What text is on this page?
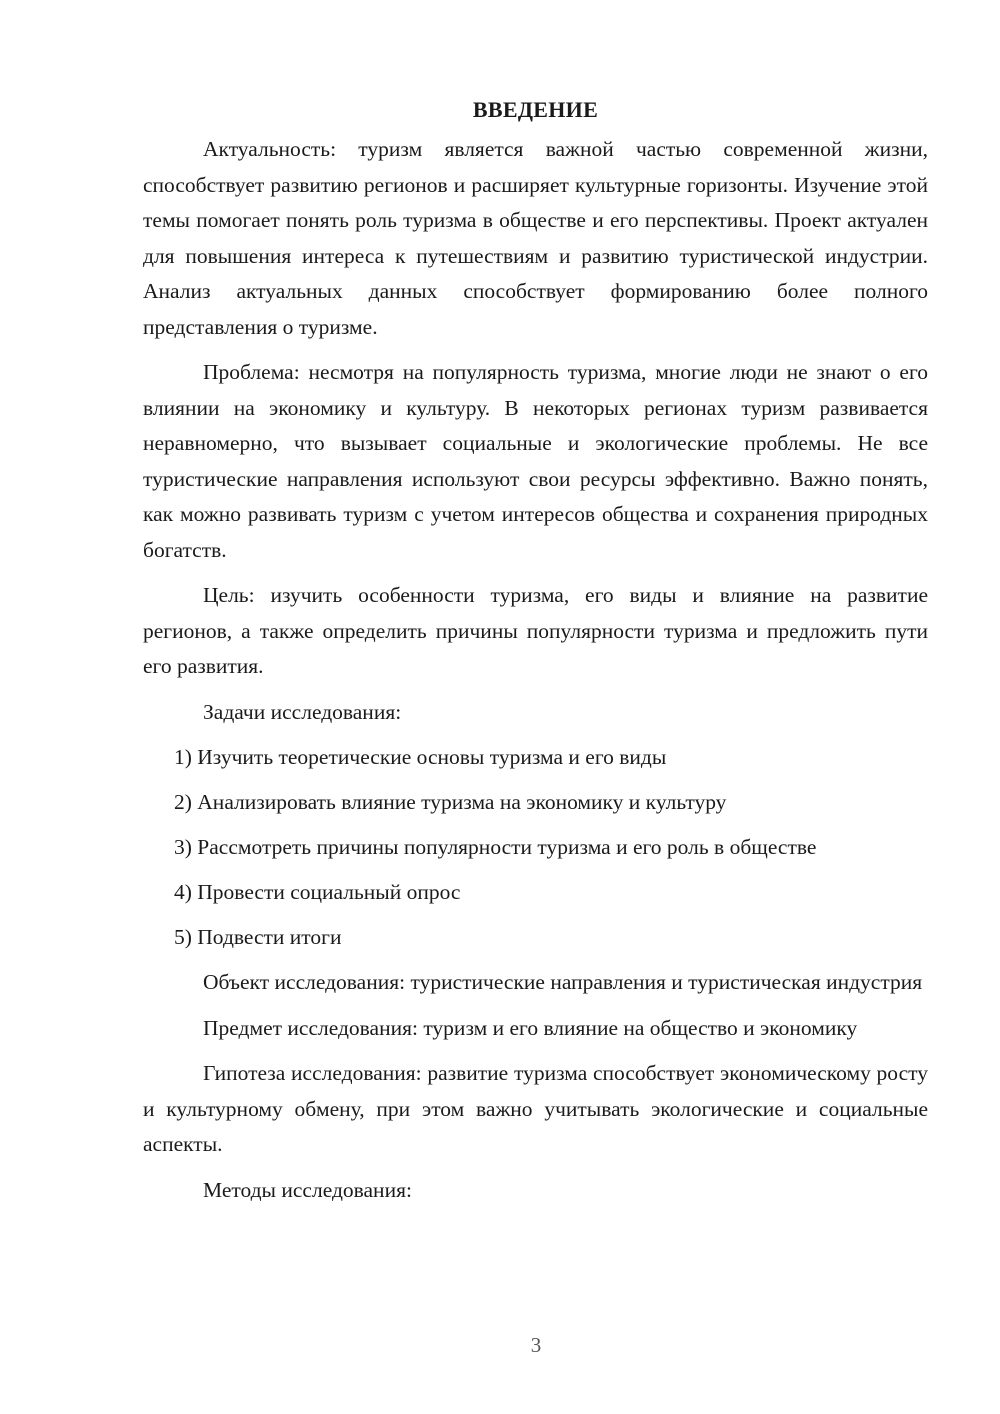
ВВЕДЕНИЕ

Актуальность: туризм является важной частью современной жизни, способствует развитию регионов и расширяет культурные горизонты. Изучение этой темы помогает понять роль туризма в обществе и его перспективы. Проект актуален для повышения интереса к путешествиям и развитию туристической индустрии. Анализ актуальных данных способствует формированию более полного представления о туризме.

Проблема: несмотря на популярность туризма, многие люди не знают о его влиянии на экономику и культуру. В некоторых регионах туризм развивается неравномерно, что вызывает социальные и экологические проблемы. Не все туристические направления используют свои ресурсы эффективно. Важно понять, как можно развивать туризм с учетом интересов общества и сохранения природных богатств.

Цель: изучить особенности туризма, его виды и влияние на развитие регионов, а также определить причины популярности туризма и предложить пути его развития.

Задачи исследования:

1) Изучить теоретические основы туризма и его виды
2) Анализировать влияние туризма на экономику и культуру
3) Рассмотреть причины популярности туризма и его роль в обществе
4) Провести социальный опрос
5) Подвести итоги

Объект исследования: туристические направления и туристическая индустрия

Предмет исследования: туризм и его влияние на общество и экономику

Гипотеза исследования: развитие туризма способствует экономическому росту и культурному обмену, при этом важно учитывать экологические и социальные аспекты.

Методы исследования:

3
